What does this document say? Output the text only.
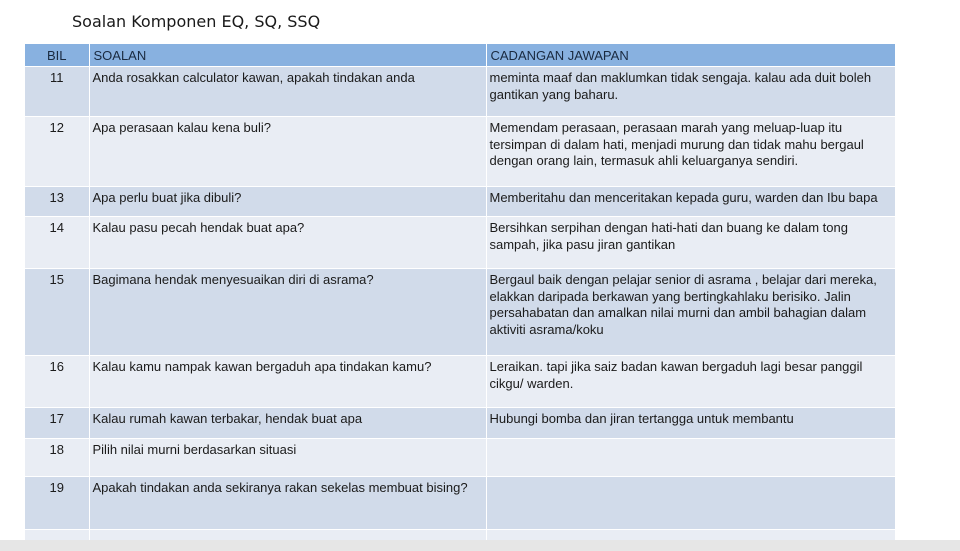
Soalan Komponen EQ, SQ, SSQ
BIL	SOALAN	CADANGAN JAWAPAN
11	Anda rosakkan calculator kawan, apakah tindakan anda	meminta maaf dan maklumkan tidak sengaja. kalau ada duit boleh gantikan yang baharu.
12	Apa perasaan kalau kena buli?	Memendam perasaan, perasaan marah yang meluap-luap itu tersimpan di dalam hati, menjadi murung dan tidak mahu bergaul dengan orang lain, termasuk ahli keluarganya sendiri.
13	Apa perlu buat jika dibuli?	Memberitahu dan menceritakan kepada guru, warden dan Ibu bapa
14	Kalau pasu pecah hendak buat apa?	Bersihkan serpihan dengan hati-hati dan buang ke dalam tong sampah, jika pasu jiran gantikan
15	Bagimana hendak menyesuaikan diri di asrama?	Bergaul baik dengan pelajar senior di asrama , belajar dari mereka, elakkan daripada berkawan yang bertingkahlaku berisiko. Jalin persahabatan dan amalkan nilai murni dan ambil bahagian dalam aktiviti asrama/koku
16	Kalau kamu nampak kawan bergaduh apa tindakan kamu?	Leraikan. tapi jika saiz badan kawan bergaduh lagi besar panggil cikgu/ warden.
17	Kalau rumah kawan terbakar, hendak buat apa	Hubungi bomba dan jiran tertangga untuk membantu
18	Pilih nilai murni berdasarkan situasi	
19	Apakah tindakan anda sekiranya rakan sekelas membuat bising?	
